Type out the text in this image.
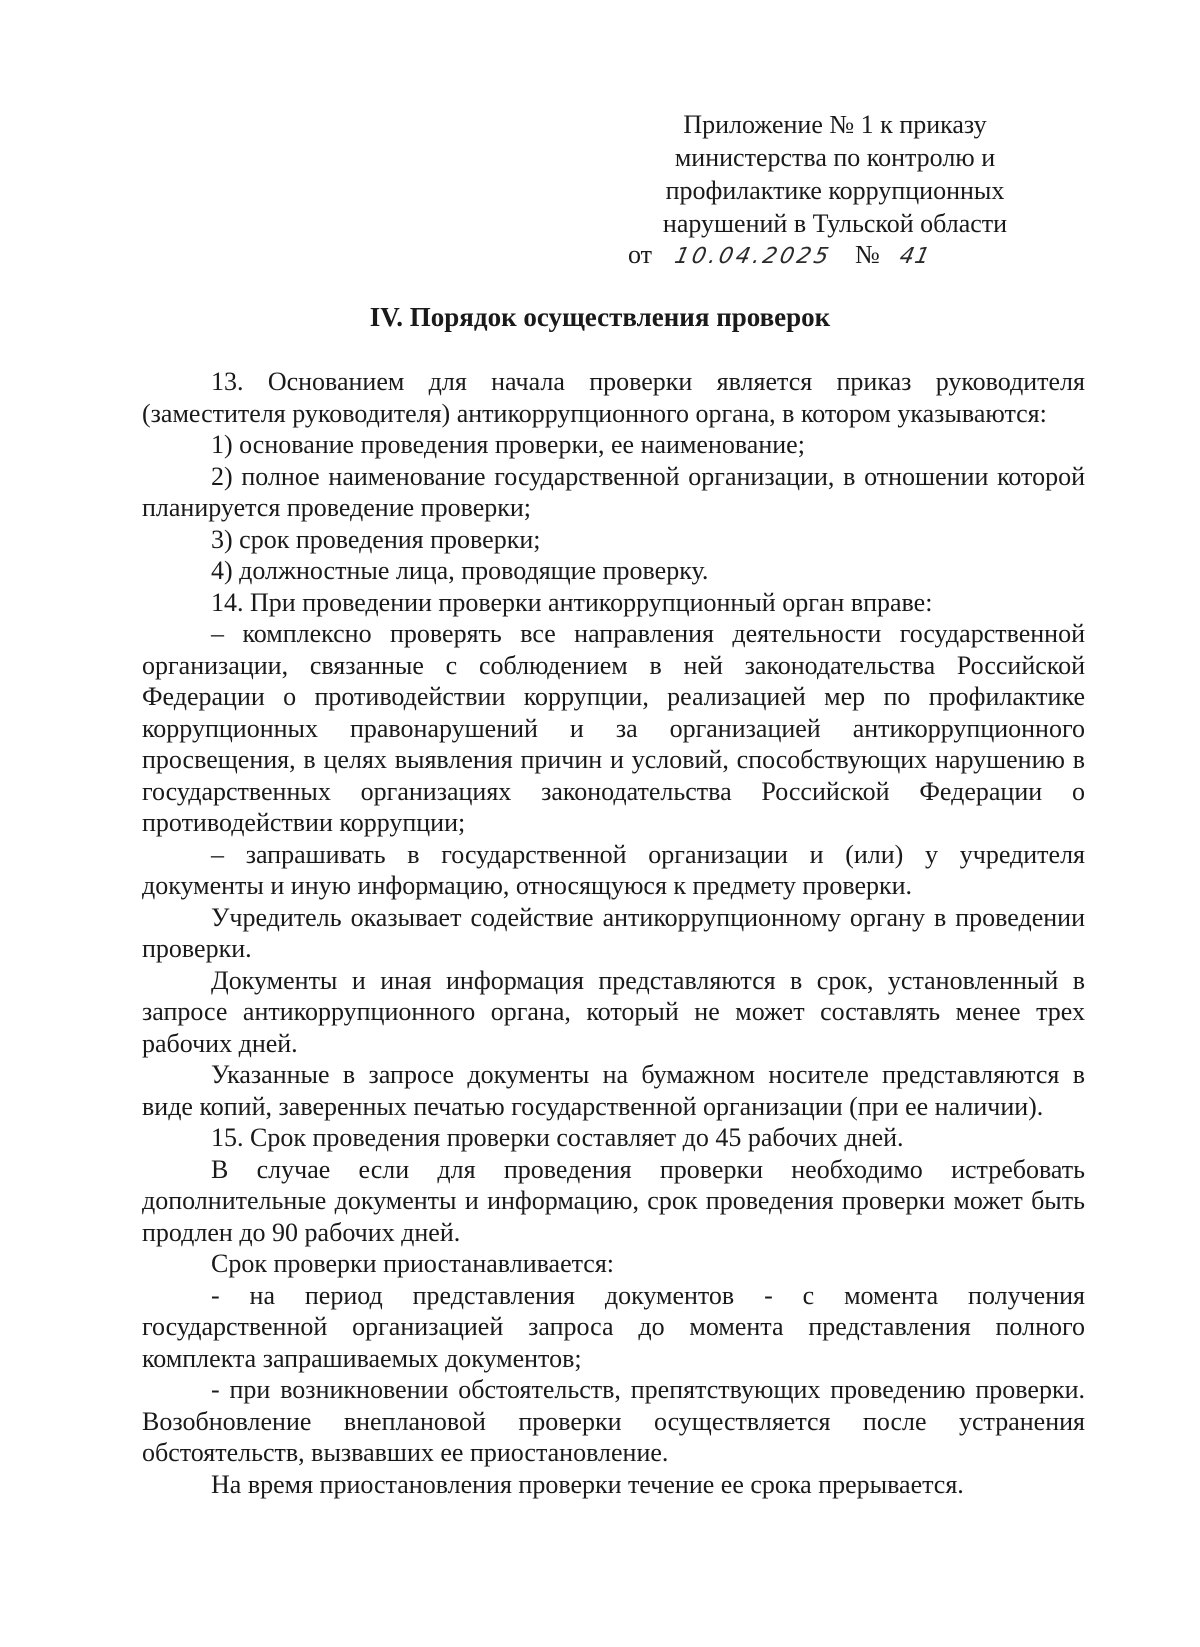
Приложение № 1 к приказу
министерства по контролю и
профилактике коррупционных
нарушений в Тульской области
от 10.04.2025 № 41
IV. Порядок осуществления проверок

13. Основанием для начала проверки является приказ руководителя (заместителя руководителя) антикоррупционного органа, в котором указываются:

1) основание проведения проверки, ее наименование;

2) полное наименование государственной организации, в отношении которой планируется проведение проверки;

3) срок проведения проверки;

4) должностные лица, проводящие проверку.

14. При проведении проверки антикоррупционный орган вправе:

– комплексно проверять все направления деятельности государственной организации, связанные с соблюдением в ней законодательства Российской Федерации о противодействии коррупции, реализацией мер по профилактике коррупционных правонарушений и за организацией антикоррупционного просвещения, в целях выявления причин и условий, способствующих нарушению в государственных организациях законодательства Российской Федерации о противодействии коррупции;

– запрашивать в государственной организации и (или) у учредителя документы и иную информацию, относящуюся к предмету проверки.

Учредитель оказывает содействие антикоррупционному органу в проведении проверки.

Документы и иная информация представляются в срок, установленный в запросе антикоррупционного органа, который не может составлять менее трех рабочих дней.

Указанные в запросе документы на бумажном носителе представляются в виде копий, заверенных печатью государственной организации (при ее наличии).

15. Срок проведения проверки составляет до 45 рабочих дней.

В случае если для проведения проверки необходимо истребовать дополнительные документы и информацию, срок проведения проверки может быть продлен до 90 рабочих дней.

Срок проверки приостанавливается:

- на период представления документов - с момента получения государственной организацией запроса до момента представления полного комплекта запрашиваемых документов;

- при возникновении обстоятельств, препятствующих проведению проверки. Возобновление внеплановой проверки осуществляется после устранения обстоятельств, вызвавших ее приостановление.

На время приостановления проверки течение ее срока прерывается.
